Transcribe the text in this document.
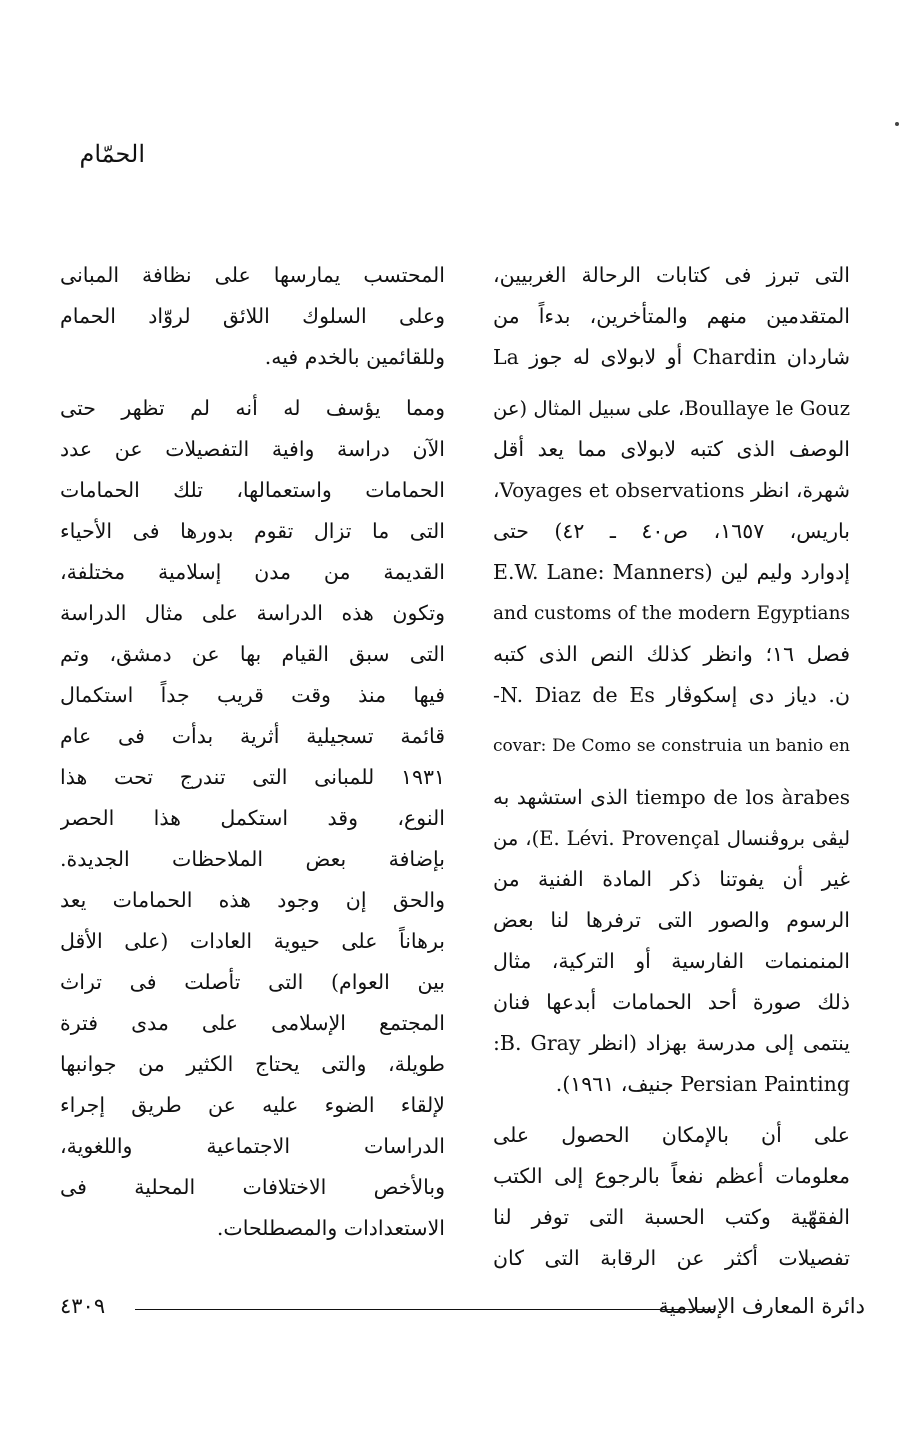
الحمّام
التى تبرز فى كتابات الرحالة الغربيين،
المتقدمين منهم والمتأخرين، بدءاً من
شاردان Chardin أو لابولاى له جوز La
Boullaye le Gouz، على سبيل المثال (عن
الوصف الذى كتبه لابولاى مما يعد أقل
شهرة، انظر Voyages et observations،
باريس، ١٦٥٧، ص٤٠ ـ ٤٢) حتى
إدوارد وليم لين (E.W. Lane: Manners
and customs of the modern Egyptians
فصل ١٦؛ وانظر كذلك النص الذى كتبه
ن. دياز دى إسكوڤار N. Diaz de Es-
covar: De Como se construia un banio en
tiempo de los àrabes الذى استشهد به
ليڤى بروڤنسال E. Lévi. Provençal)، من
غير أن يفوتنا ذكر المادة الفنية من
الرسوم والصور التى ترفرها لنا بعض
المنمنمات الفارسية أو التركية، مثال
ذلك صورة أحد الحمامات أبدعها فنان
ينتمى إلى مدرسة بهزاد (انظر B. Gray:
Persian Painting جنيف، ١٩٦١).
على أن بالإمكان الحصول على
معلومات أعظم نفعاً بالرجوع إلى الكتب
الفقهّية وكتب الحسبة التى توفر لنا
تفصيلات أكثر عن الرقابة التى كان
المحتسب يمارسها على نظافة المبانى
وعلى السلوك اللائق لروّاد الحمام
وللقائمين بالخدم فيه.
ومما يؤسف له أنه لم تظهر حتى
الآن دراسة وافية التفصيلات عن عدد
الحمامات واستعمالها، تلك الحمامات
التى ما تزال تقوم بدورها فى الأحياء
القديمة من مدن إسلامية مختلفة،
وتكون هذه الدراسة على مثال الدراسة
التى سبق القيام بها عن دمشق، وتم
فيها منذ وقت قريب جداً استكمال
قائمة تسجيلية أثرية بدأت فى عام
١٩٣١ للمبانى التى تندرج تحت هذا
النوع، وقد استكمل هذا الحصر
بإضافة بعض الملاحظات الجديدة.
والحق إن وجود هذه الحمامات يعد
برهاناً على حيوية العادات (على الأقل
بين العوام) التى تأصلت فى تراث
المجتمع الإسلامى على مدى فترة
طويلة، والتى يحتاج الكثير من جوانبها
لإلقاء الضوء عليه عن طريق إجراء
الدراسات الاجتماعية واللغوية،
وبالأخص الاختلافات المحلية فى
الاستعدادات والمصطلحات.
٤٣٠٩	دائرة المعارف الإسلامية
